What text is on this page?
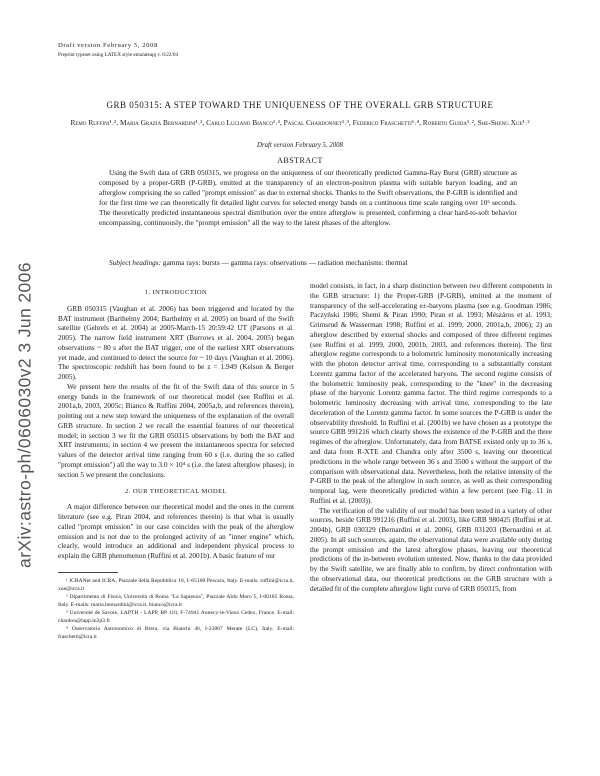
Draft version February 5, 2008
Preprint typeset using LATEX style emulateapj v. 6/22/04
arXiv:astro-ph/0606030v2 3 Jun 2006
GRB 050315: A STEP TOWARD THE UNIQUENESS OF THE OVERALL GRB STRUCTURE
Remo Ruffini¹˒², Maria Grazia Bernardini¹˒², Carlo Luciano Bianco¹˒², Pascal Chardonnet¹˒³, Federico Fraschetti¹˒⁴, Roberto Guida¹˒², She-Sheng Xue¹˒²
Draft version February 5, 2008
ABSTRACT
Using the Swift data of GRB 050315, we progress on the uniqueness of our theoretically predicted Gamma-Ray Burst (GRB) structure as composed by a proper-GRB (P-GRB), emitted at the transparency of an electron-positron plasma with suitable baryon loading, and an afterglow comprising the so called "prompt emission" as due to external shocks. Thanks to the Swift observations, the P-GRB is identified and for the first time we can theoretically fit detailed light curves for selected energy bands on a continuous time scale ranging over 10⁶ seconds. The theoretically predicted instantaneous spectral distribution over the entire afterglow is presented, confirming a clear hard-to-soft behavior encompassing, continuously, the "prompt emission" all the way to the latest phases of the afterglow.
Subject headings: gamma rays: bursts — gamma rays: observations — radiation mechanisms: thermal
1. INTRODUCTION

GRB 050315 (Vaughan et al. 2006) has been triggered and located by the BAT instrument (Barthelmy 2004; Barthelmy et al. 2005) on board of the Swift satellite (Gehrels et al. 2004) at 2005-March-15 20:59:42 UT (Parsons et al. 2005). The narrow field instrument XRT (Burrows et al. 2004, 2005) began observations ~ 80 s after the BAT trigger, one of the earliest XRT observations yet made, and continued to detect the source for ~ 10 days (Vaughan et al. 2006). The spectroscopic redshift has been found to be z = 1.949 (Kelson & Berger 2005).

We present here the results of the fit of the Swift data of this source in 5 energy bands in the framework of our theoretical model (see Ruffini et al. 2001a,b, 2003, 2005c; Bianco & Ruffini 2004, 2005a,b, and references therein), pointing out a new step toward the uniqueness of the explanation of the overall GRB structure. In section 2 we recall the essential features of our theoretical model; in section 3 we fit the GRB 050315 observations by both the BAT and XRT instruments; in section 4 we present the instantaneous spectra for selected values of the detector arrival time ranging from 60 s (i.e. during the so called "prompt emission") all the way to 3.0 × 10⁴ s (i.e. the latest afterglow phases); in section 5 we present the conclusions.

2. OUR THEORETICAL MODEL

A major difference between our theoretical model and the ones in the current literature (see e.g. Piran 2004, and references therein) is that what is usually called "prompt emission" in our case coincides with the peak of the afterglow emission and is not due to the prolonged activity of an "inner engine" which, clearly, would introduce an additional and independent physical process to explain the GRB phenomenon (Ruffini et al. 2001b). A basic feature of our

¹ ICRANet and ICRA, Piazzale della Repubblica 10, I–65100 Pescara, Italy. E-mails: ruffini@icra.it, xue@icra.it

² Dipartimento di Fisica, Università di Roma "La Sapienza", Piazzale Aldo Moro 5, I-00185 Roma, Italy. E-mails: maria.bernardini@icra.it, bianco@icra.it

³ Université de Savoie, LAPTH - LAPP, BP 110, F-74941 Annecy-le-Vieux Cedex, France. E-mail: chardon@lapp.in2p3.fr

⁴ Osservatorio Astronomico di Brera, via Bianchi 46, I-23807 Merate (LC), Italy. E-mail: fraschetti@icra.it

model consists, in fact, in a sharp distinction between two different components in the GRB structure: 1) the Proper-GRB (P-GRB), emitted at the moment of transparency of the self-accelerating e±-baryons plasma (see e.g. Goodman 1986; Paczyński 1986; Shemi & Piran 1990; Piran et al. 1993; Mészáros et al. 1993; Grimsrud & Wasserman 1998; Ruffini et al. 1999, 2000, 2001a,b, 2006); 2) an afterglow described by external shocks and composed of three different regimes (see Ruffini et al. 1999, 2000, 2001b, 2003, and references therein). The first afterglow regime corresponds to a bolometric luminosity monotonically increasing with the photon detector arrival time, corresponding to a substantially constant Lorentz gamma factor of the accelerated baryons. The second regime consists of the bolometric luminosity peak, corresponding to the "knee" in the decreasing phase of the baryonic Lorentz gamma factor. The third regime corresponds to a bolometric luminosity decreasing with arrival time, corresponding to the late deceleration of the Lorentz gamma factor. In some sources the P-GRB is under the observability threshold. In Ruffini et al. (2001b) we have chosen as a prototype the source GRB 991216 which clearly shows the existence of the P-GRB and the three regimes of the afterglow. Unfortunately, data from BATSE existed only up to 36 s, and data from R-XTE and Chandra only after 3500 s, leaving our theoretical predictions in the whole range between 36 s and 3500 s without the support of the comparison with observational data. Nevertheless, both the relative intensity of the P-GRB to the peak of the afterglow in such source, as well as their corresponding temporal lag, were theoretically predicted within a few percent (see Fig. 11 in Ruffini et al. (2003)).

The verification of the validity of our model has been tested in a variety of other sources, beside GRB 991216 (Ruffini et al. 2003), like GRB 980425 (Ruffini et al. 2004b), GRB 030329 (Bernardini et al. 2006), GRB 031203 (Bernardini et al. 2005). In all such sources, again, the observational data were available only during the prompt emission and the latest afterglow phases, leaving our theoretical predictions of the in-between evolution untested. Now, thanks to the data provided by the Swift satellite, we are finally able to confirm, by direct confrontation with the observational data, our theoretical predictions on the GRB structure with a detailed fit of the complete afterglow light curve of GRB 050315, from
